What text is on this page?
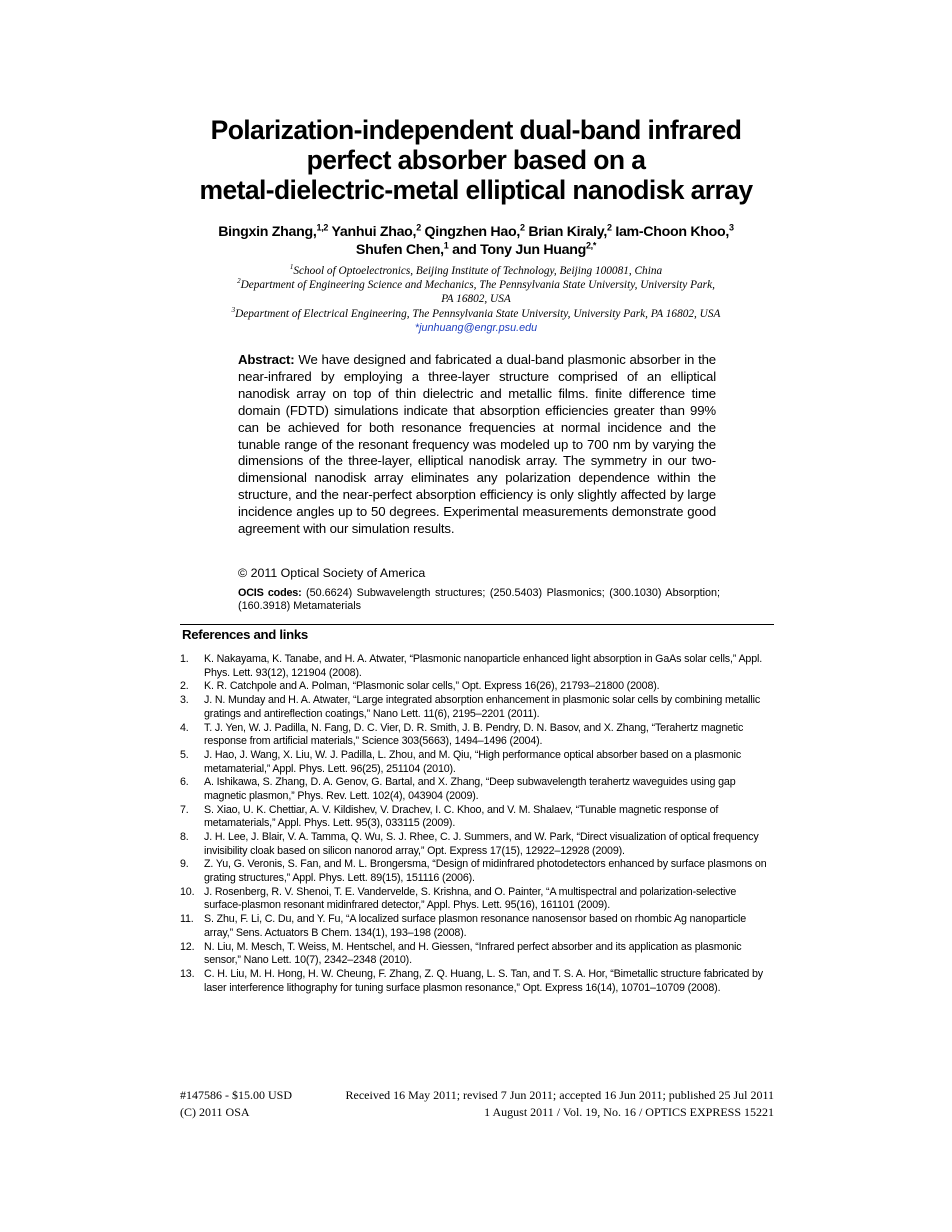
Polarization-independent dual-band infrared
perfect absorber based on a
metal-dielectric-metal elliptical nanodisk array
Bingxin Zhang,$^{1,2}$ Yanhui Zhao,$^2$ Qingzhen Hao,$^2$ Brian Kiraly,$^2$ Iam-Choon Khoo,$^3$
Shufen Chen,$^1$ and Tony Jun Huang$^{2,*}$
$^1$School of Optoelectronics, Beijing Institute of Technology, Beijing 100081, China
$^2$Department of Engineering Science and Mechanics, The Pennsylvania State University, University Park,
PA 16802, USA
$^3$Department of Electrical Engineering, The Pennsylvania State University, University Park, PA 16802, USA
*junhuang@engr.psu.edu
Abstract: We have designed and fabricated a dual-band plasmonic absorber in the near-infrared by employing a three-layer structure comprised of an elliptical nanodisk array on top of thin dielectric and metallic films. finite difference time domain (FDTD) simulations indicate that absorption efficiencies greater than 99% can be achieved for both resonance frequencies at normal incidence and the tunable range of the resonant frequency was modeled up to 700 nm by varying the dimensions of the three-layer, elliptical nanodisk array. The symmetry in our two-dimensional nanodisk array eliminates any polarization dependence within the structure, and the near-perfect absorption efficiency is only slightly affected by large incidence angles up to 50 degrees. Experimental measurements demonstrate good agreement with our simulation results.
© 2011 Optical Society of America
OCIS codes: (50.6624) Subwavelength structures; (250.5403) Plasmonics; (300.1030) Absorption; (160.3918) Metamaterials
References and links
1.	K. Nakayama, K. Tanabe, and H. A. Atwater, “Plasmonic nanoparticle enhanced light absorption in GaAs solar cells,” Appl. Phys. Lett. 93(12), 121904 (2008).
2.	K. R. Catchpole and A. Polman, “Plasmonic solar cells,” Opt. Express 16(26), 21793–21800 (2008).
3.	J. N. Munday and H. A. Atwater, “Large integrated absorption enhancement in plasmonic solar cells by combining metallic gratings and antireflection coatings,” Nano Lett. 11(6), 2195–2201 (2011).
4.	T. J. Yen, W. J. Padilla, N. Fang, D. C. Vier, D. R. Smith, J. B. Pendry, D. N. Basov, and X. Zhang, “Terahertz magnetic response from artificial materials,” Science 303(5663), 1494–1496 (2004).
5.	J. Hao, J. Wang, X. Liu, W. J. Padilla, L. Zhou, and M. Qiu, “High performance optical absorber based on a plasmonic metamaterial,” Appl. Phys. Lett. 96(25), 251104 (2010).
6.	A. Ishikawa, S. Zhang, D. A. Genov, G. Bartal, and X. Zhang, “Deep subwavelength terahertz waveguides using gap magnetic plasmon,” Phys. Rev. Lett. 102(4), 043904 (2009).
7.	S. Xiao, U. K. Chettiar, A. V. Kildishev, V. Drachev, I. C. Khoo, and V. M. Shalaev, “Tunable magnetic response of metamaterials,” Appl. Phys. Lett. 95(3), 033115 (2009).
8.	J. H. Lee, J. Blair, V. A. Tamma, Q. Wu, S. J. Rhee, C. J. Summers, and W. Park, “Direct visualization of optical frequency invisibility cloak based on silicon nanorod array,” Opt. Express 17(15), 12922–12928 (2009).
9.	Z. Yu, G. Veronis, S. Fan, and M. L. Brongersma, “Design of midinfrared photodetectors enhanced by surface plasmons on grating structures,” Appl. Phys. Lett. 89(15), 151116 (2006).
10. J. Rosenberg, R. V. Shenoi, T. E. Vandervelde, S. Krishna, and O. Painter, “A multispectral and polarization-selective surface-plasmon resonant midinfrared detector,” Appl. Phys. Lett. 95(16), 161101 (2009).
11. S. Zhu, F. Li, C. Du, and Y. Fu, “A localized surface plasmon resonance nanosensor based on rhombic Ag nanoparticle array,” Sens. Actuators B Chem. 134(1), 193–198 (2008).
12. N. Liu, M. Mesch, T. Weiss, M. Hentschel, and H. Giessen, “Infrared perfect absorber and its application as plasmonic sensor,” Nano Lett. 10(7), 2342–2348 (2010).
13. C. H. Liu, M. H. Hong, H. W. Cheung, F. Zhang, Z. Q. Huang, L. S. Tan, and T. S. A. Hor, “Bimetallic structure fabricated by laser interference lithography for tuning surface plasmon resonance,” Opt. Express 16(14), 10701–10709 (2008).
#147586 - $15.00 USD	Received 16 May 2011; revised 7 Jun 2011; accepted 16 Jun 2011; published 25 Jul 2011
(C) 2011 OSA	1 August 2011 / Vol. 19, No. 16 / OPTICS EXPRESS 15221
